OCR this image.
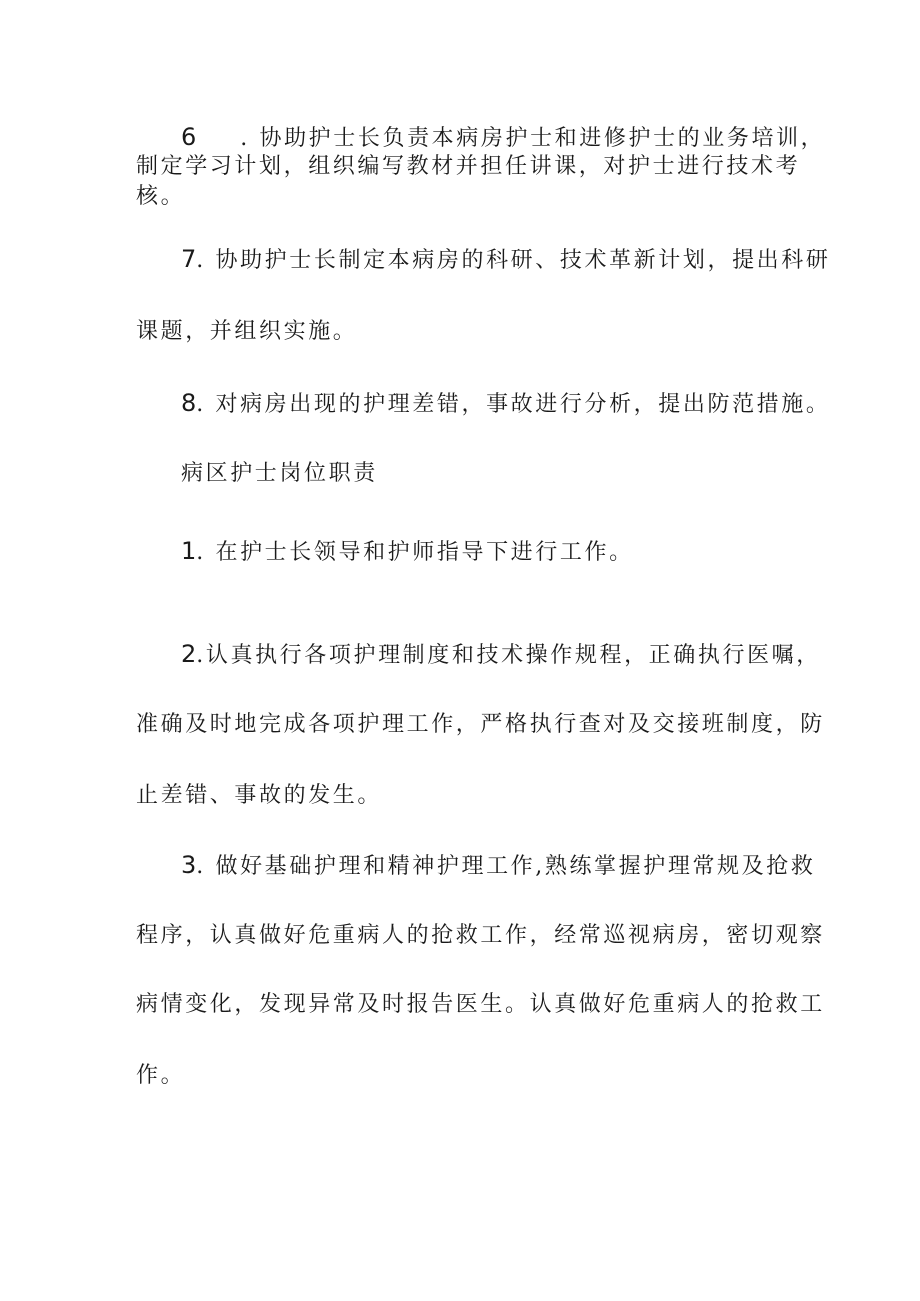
6 . 协助护士长负责本病房护士和进修护士的业务培训，
制定学习计划，组织编写教材并担任讲课，对护士进行技术考
核。
7. 协助护士长制定本病房的科研、技术革新计划，提出科研
课题，并组织实施。
8. 对病房出现的护理差错，事故进行分析，提出防范措施。
病区护士岗位职责
1. 在护士长领导和护师指导下进行工作。
2.认真执行各项护理制度和技术操作规程，正确执行医嘱，
准确及时地完成各项护理工作，严格执行查对及交接班制度，防
止差错、事故的发生。
3. 做好基础护理和精神护理工作,熟练掌握护理常规及抢救
程序，认真做好危重病人的抢救工作，经常巡视病房，密切观察
病情变化，发现异常及时报告医生。认真做好危重病人的抢救工
作。
